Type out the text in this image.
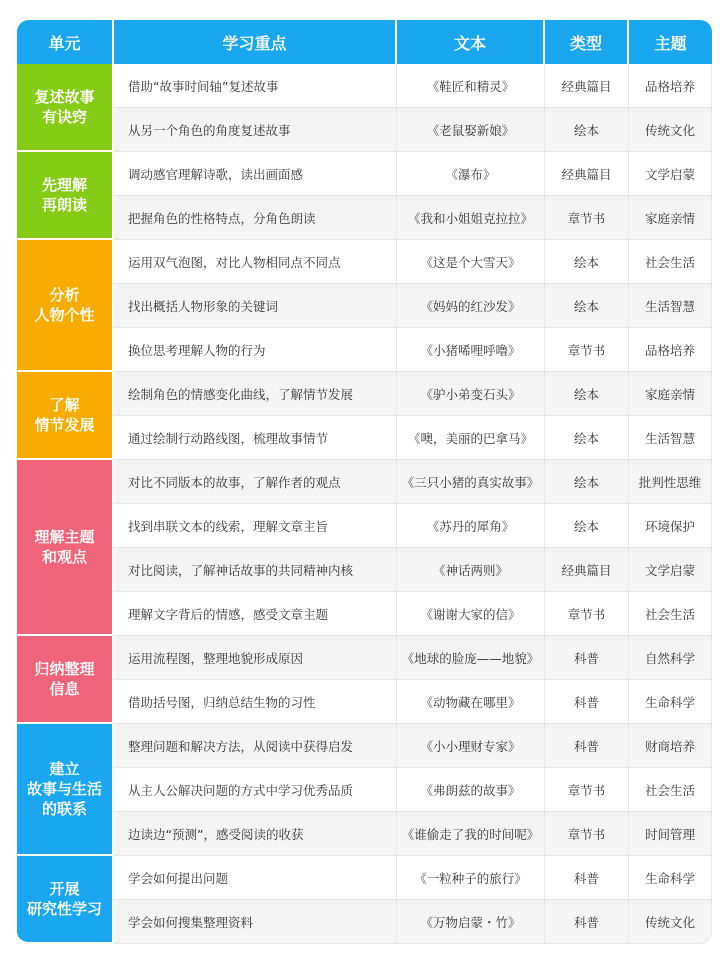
单元	学习重点	文本	类型	主题

复述故事
有诀窍	借助“故事时间轴”复述故事	《鞋匠和精灵》	经典篇目	品格培养
	从另一个角色的角度复述故事	《老鼠娶新娘》	绘本	传统文化

先理解
再朗读	调动感官理解诗歌，读出画面感	《瀑布》	经典篇目	文学启蒙
	把握角色的性格特点，分角色朗读	《我和小姐姐克拉拉》	章节书	家庭亲情

分析
人物个性	运用双气泡图，对比人物相同点不同点	《这是个大雪天》	绘本	社会生活
	找出概括人物形象的关键词	《妈妈的红沙发》	绘本	生活智慧
	换位思考理解人物的行为	《小猪唏哩呼噜》	章节书	品格培养

了解
情节发展	绘制角色的情感变化曲线，了解情节发展	《驴小弟变石头》	绘本	家庭亲情
	通过绘制行动路线图，梳理故事情节	《噢，美丽的巴拿马》	绘本	生活智慧

理解主题
和观点	对比不同版本的故事，了解作者的观点	《三只小猪的真实故事》	绘本	批判性思维
	找到串联文本的线索，理解文章主旨	《苏丹的犀角》	绘本	环境保护
	对比阅读，了解神话故事的共同精神内核	《神话两则》	经典篇目	文学启蒙
	理解文字背后的情感，感受文章主题	《谢谢大家的信》	章节书	社会生活

归纳整理
信息	运用流程图，整理地貌形成原因	《地球的脸庞——地貌》	科普	自然科学
	借助括号图，归纳总结生物的习性	《动物藏在哪里》	科普	生命科学

建立
故事与生活
的联系	整理问题和解决方法，从阅读中获得启发	《小小理财专家》	科普	财商培养
	从主人公解决问题的方式中学习优秀品质	《弗朗兹的故事》	章节书	社会生活
	边读边“预测”，感受阅读的收获	《谁偷走了我的时间呢》	章节书	时间管理

开展
研究性学习	学会如何提出问题	《一粒种子的旅行》	科普	生命科学
	学会如何搜集整理资料	《万物启蒙・竹》	科普	传统文化
